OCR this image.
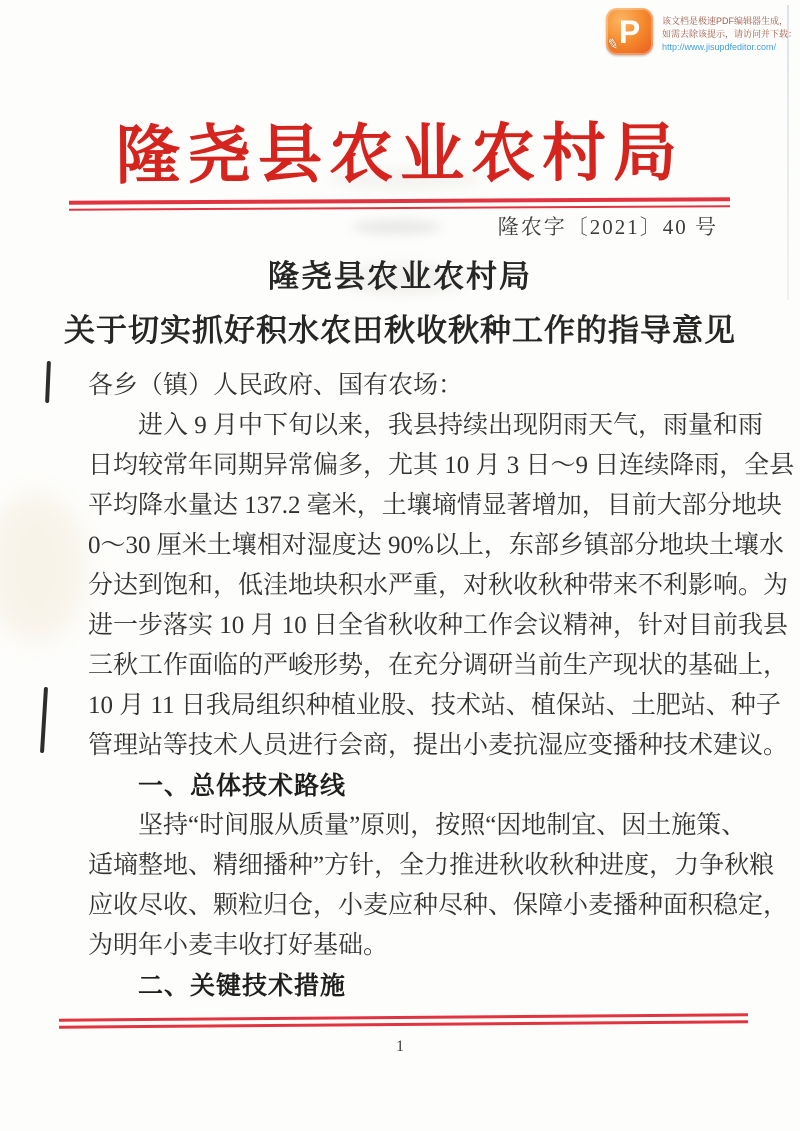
P
✎
该文档是极速PDF编辑器生成，
如需去除该提示，请访问并下载：
http://www.jisupdfeditor.com/
隆尧县农业农村局
隆农字〔2021〕40 号
隆尧县农业农村局
关于切实抓好积水农田秋收秋种工作的指导意见
各乡（镇）人民政府、国有农场：
进入 9 月中下旬以来，我县持续出现阴雨天气，雨量和雨
日均较常年同期异常偏多，尤其 10 月 3 日～9 日连续降雨，全县
平均降水量达 137.2 毫米，土壤墒情显著增加，目前大部分地块
0～30 厘米土壤相对湿度达 90%以上，东部乡镇部分地块土壤水
分达到饱和，低洼地块积水严重，对秋收秋种带来不利影响。为
进一步落实 10 月 10 日全省秋收种工作会议精神，针对目前我县
三秋工作面临的严峻形势，在充分调研当前生产现状的基础上，
10 月 11 日我局组织种植业股、技术站、植保站、土肥站、种子
管理站等技术人员进行会商，提出小麦抗湿应变播种技术建议。
一、总体技术路线
坚持“时间服从质量”原则，按照“因地制宜、因土施策、
适墒整地、精细播种”方针，全力推进秋收秋种进度，力争秋粮
应收尽收、颗粒归仓，小麦应种尽种、保障小麦播种面积稳定，
为明年小麦丰收打好基础。
二、关键技术措施
1
